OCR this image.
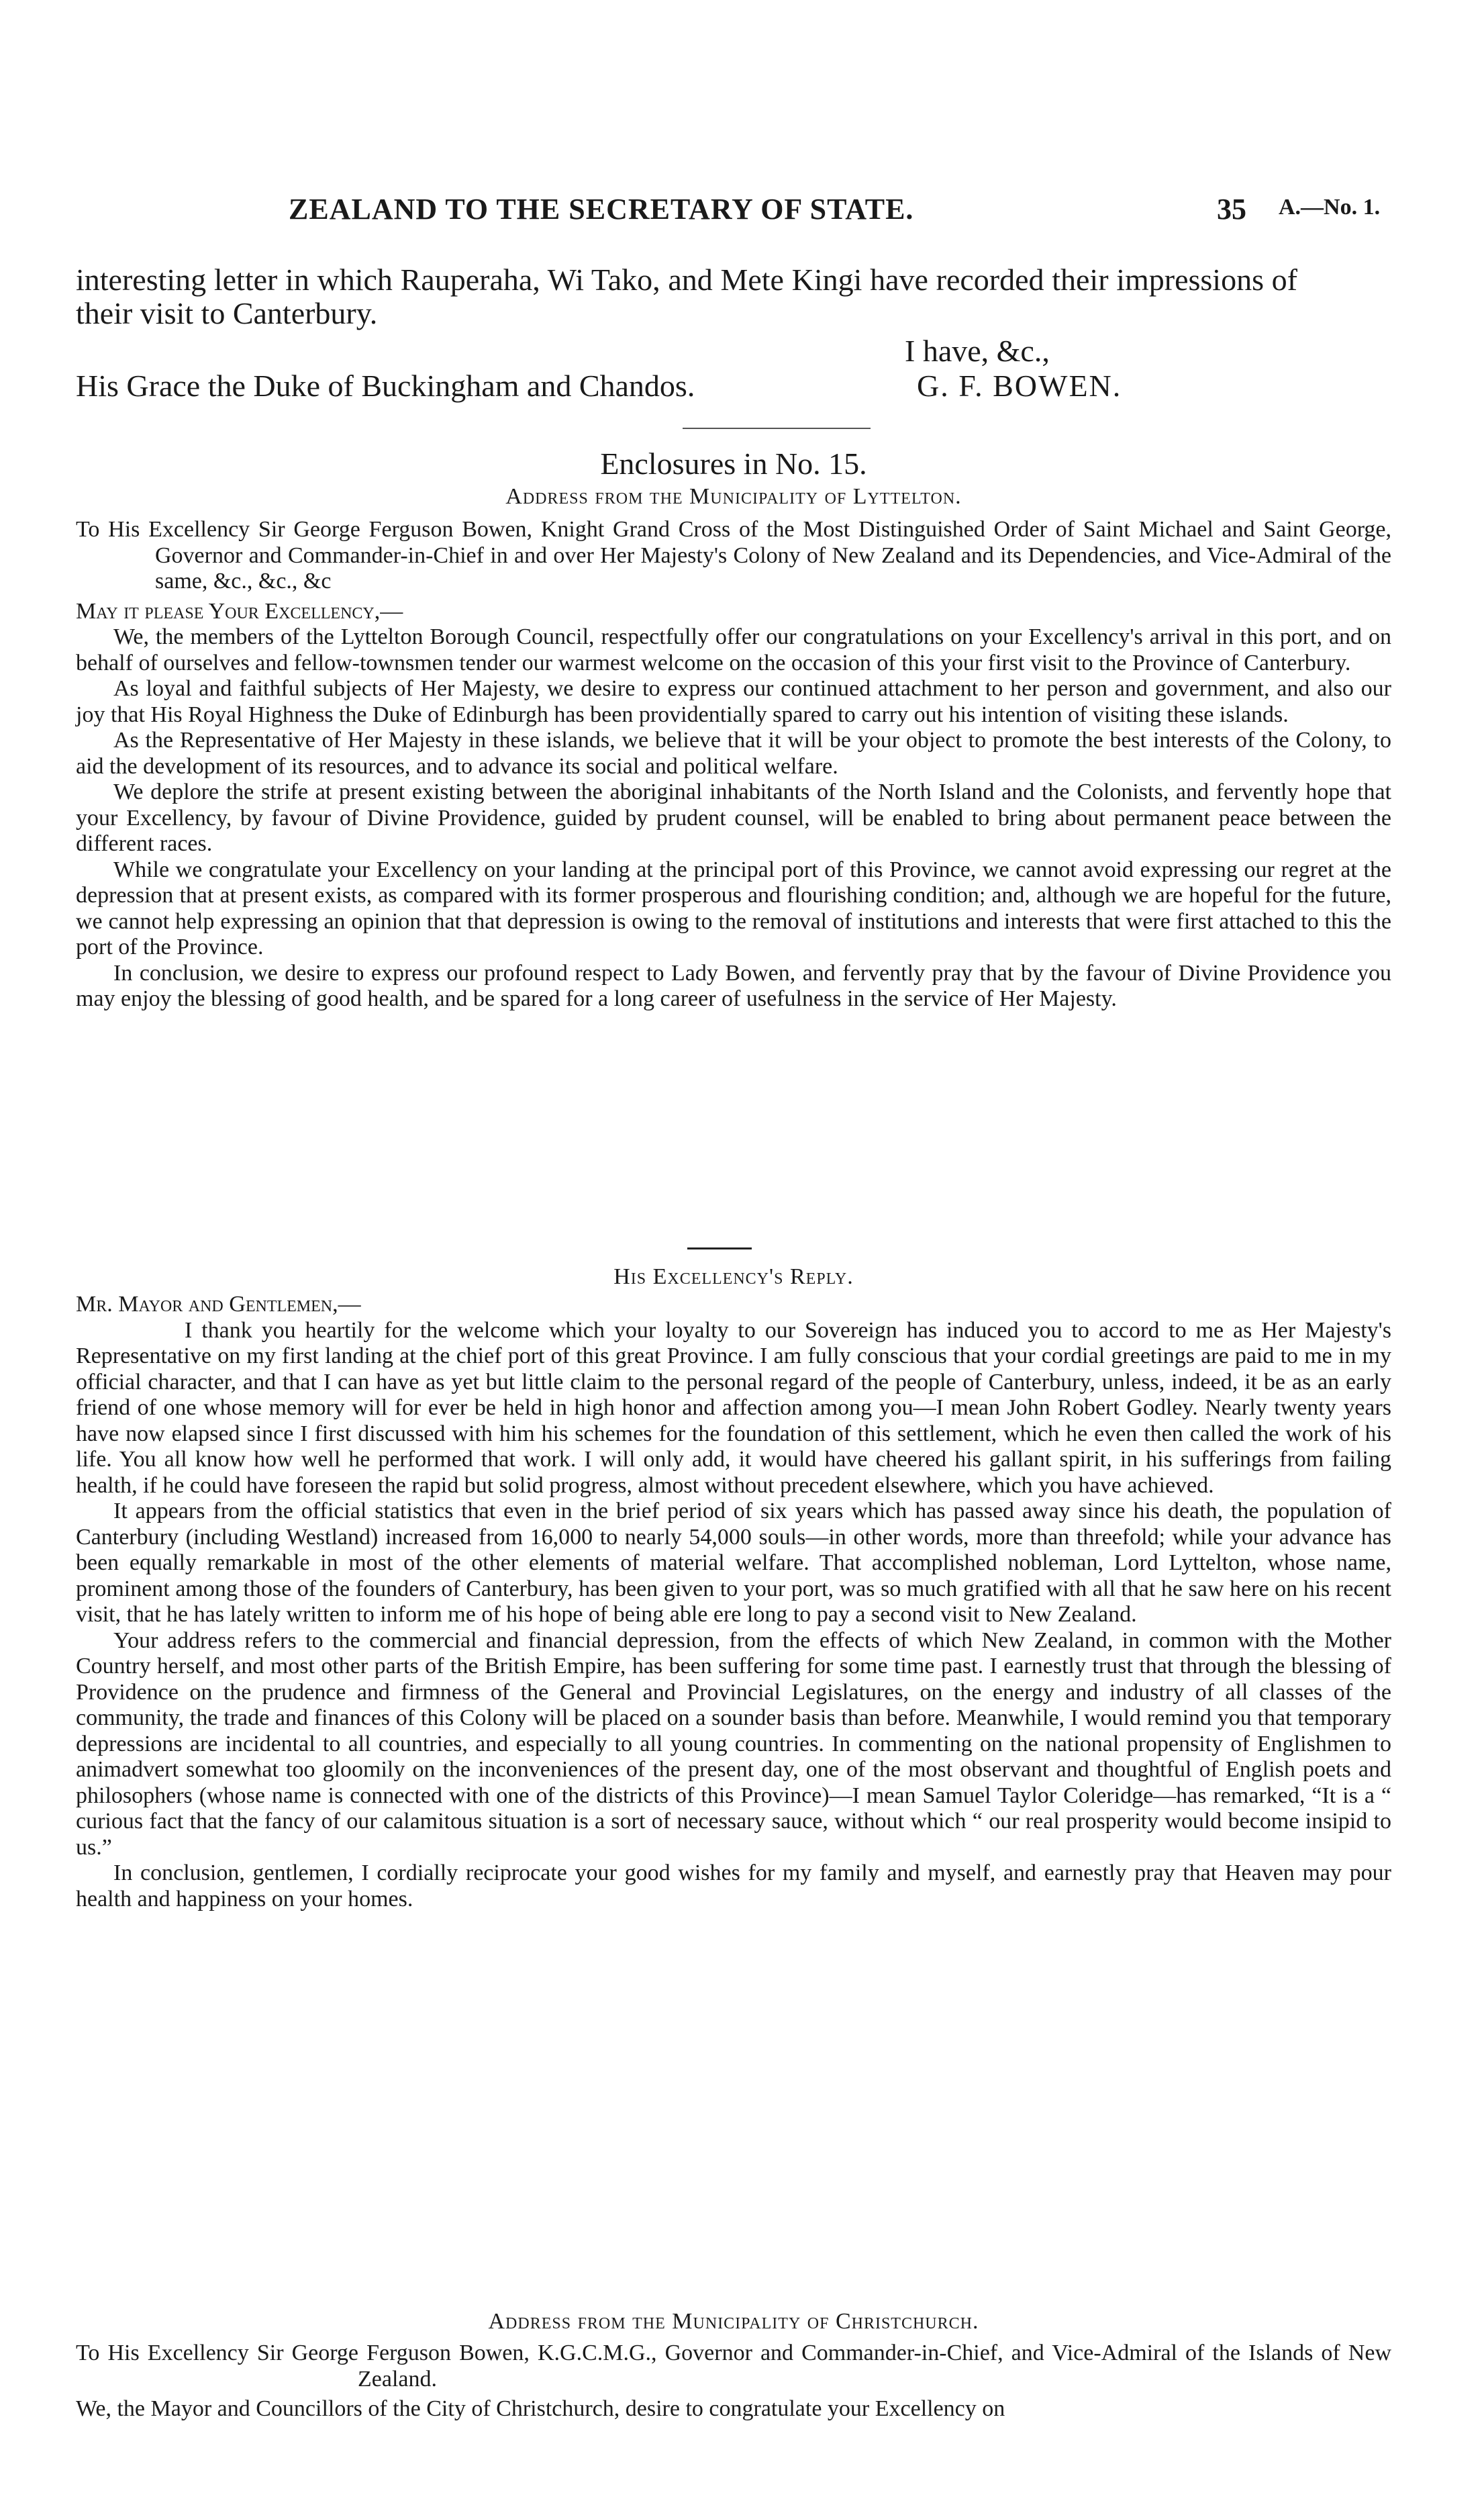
ZEALAND TO THE SECRETARY OF STATE.	35 A.—No. 1.

interesting letter in which Rauperaha, Wi Tako, and Mete Kingi have recorded their impressions of their visit to Canterbury.

I have, &c.,
His Grace the Duke of Buckingham and Chandos.	G. F. BOWEN.

Enclosures in No. 15.

Address from the Municipality of Lyttelton.

To His Excellency Sir George Ferguson Bowen, Knight Grand Cross of the Most Distinguished Order of Saint Michael and Saint George, Governor and Commander-in-Chief in and over Her Majesty's Colony of New Zealand and its Dependencies, and Vice-Admiral of the same, &c., &c., &c

May it please Your Excellency,—

We, the members of the Lyttelton Borough Council, respectfully offer our congratulations on your Excellency's arrival in this port, and on behalf of ourselves and fellow-townsmen tender our warmest welcome on the occasion of this your first visit to the Province of Canterbury.

As loyal and faithful subjects of Her Majesty, we desire to express our continued attachment to her person and government, and also our joy that His Royal Highness the Duke of Edinburgh has been providentially spared to carry out his intention of visiting these islands.

As the Representative of Her Majesty in these islands, we believe that it will be your object to promote the best interests of the Colony, to aid the development of its resources, and to advance its social and political welfare.

We deplore the strife at present existing between the aboriginal inhabitants of the North Island and the Colonists, and fervently hope that your Excellency, by favour of Divine Providence, guided by prudent counsel, will be enabled to bring about permanent peace between the different races.

While we congratulate your Excellency on your landing at the principal port of this Province, we cannot avoid expressing our regret at the depression that at present exists, as compared with its former prosperous and flourishing condition; and, although we are hopeful for the future, we cannot help expressing an opinion that that depression is owing to the removal of institutions and interests that were first attached to this the port of the Province.

In conclusion, we desire to express our profound respect to Lady Bowen, and fervently pray that by the favour of Divine Providence you may enjoy the blessing of good health, and be spared for a long career of usefulness in the service of Her Majesty.

His Excellency's Reply.

Mr. Mayor and Gentlemen,—

I thank you heartily for the welcome which your loyalty to our Sovereign has induced you to accord to me as Her Majesty's Representative on my first landing at the chief port of this great Province. I am fully conscious that your cordial greetings are paid to me in my official character, and that I can have as yet but little claim to the personal regard of the people of Canterbury, unless, indeed, it be as an early friend of one whose memory will for ever be held in high honor and affection among you—I mean John Robert Godley. Nearly twenty years have now elapsed since I first discussed with him his schemes for the foundation of this settlement, which he even then called the work of his life. You all know how well he performed that work. I will only add, it would have cheered his gallant spirit, in his sufferings from failing health, if he could have foreseen the rapid but solid progress, almost without precedent elsewhere, which you have achieved.

It appears from the official statistics that even in the brief period of six years which has passed away since his death, the population of Canterbury (including Westland) increased from 16,000 to nearly 54,000 souls—in other words, more than threefold; while your advance has been equally remarkable in most of the other elements of material welfare. That accomplished nobleman, Lord Lyttelton, whose name, prominent among those of the founders of Canterbury, has been given to your port, was so much gratified with all that he saw here on his recent visit, that he has lately written to inform me of his hope of being able ere long to pay a second visit to New Zealand.

Your address refers to the commercial and financial depression, from the effects of which New Zealand, in common with the Mother Country herself, and most other parts of the British Empire, has been suffering for some time past. I earnestly trust that through the blessing of Providence on the prudence and firmness of the General and Provincial Legislatures, on the energy and industry of all classes of the community, the trade and finances of this Colony will be placed on a sounder basis than before. Meanwhile, I would remind you that temporary depressions are incidental to all countries, and especially to all young countries. In commenting on the national propensity of Englishmen to animadvert somewhat too gloomily on the inconveniences of the present day, one of the most observant and thoughtful of English poets and philosophers (whose name is connected with one of the districts of this Province)—I mean Samuel Taylor Coleridge—has remarked, “It is a “ curious fact that the fancy of our calamitous situation is a sort of necessary sauce, without which “ our real prosperity would become insipid to us.”

In conclusion, gentlemen, I cordially reciprocate your good wishes for my family and myself, and earnestly pray that Heaven may pour health and happiness on your homes.

Address from the Municipality of Christchurch.

To His Excellency Sir George Ferguson Bowen, K.G.C.M.G., Governor and Commander-in-Chief, and Vice-Admiral of the Islands of New Zealand.

We, the Mayor and Councillors of the City of Christchurch, desire to congratulate your Excellency on
